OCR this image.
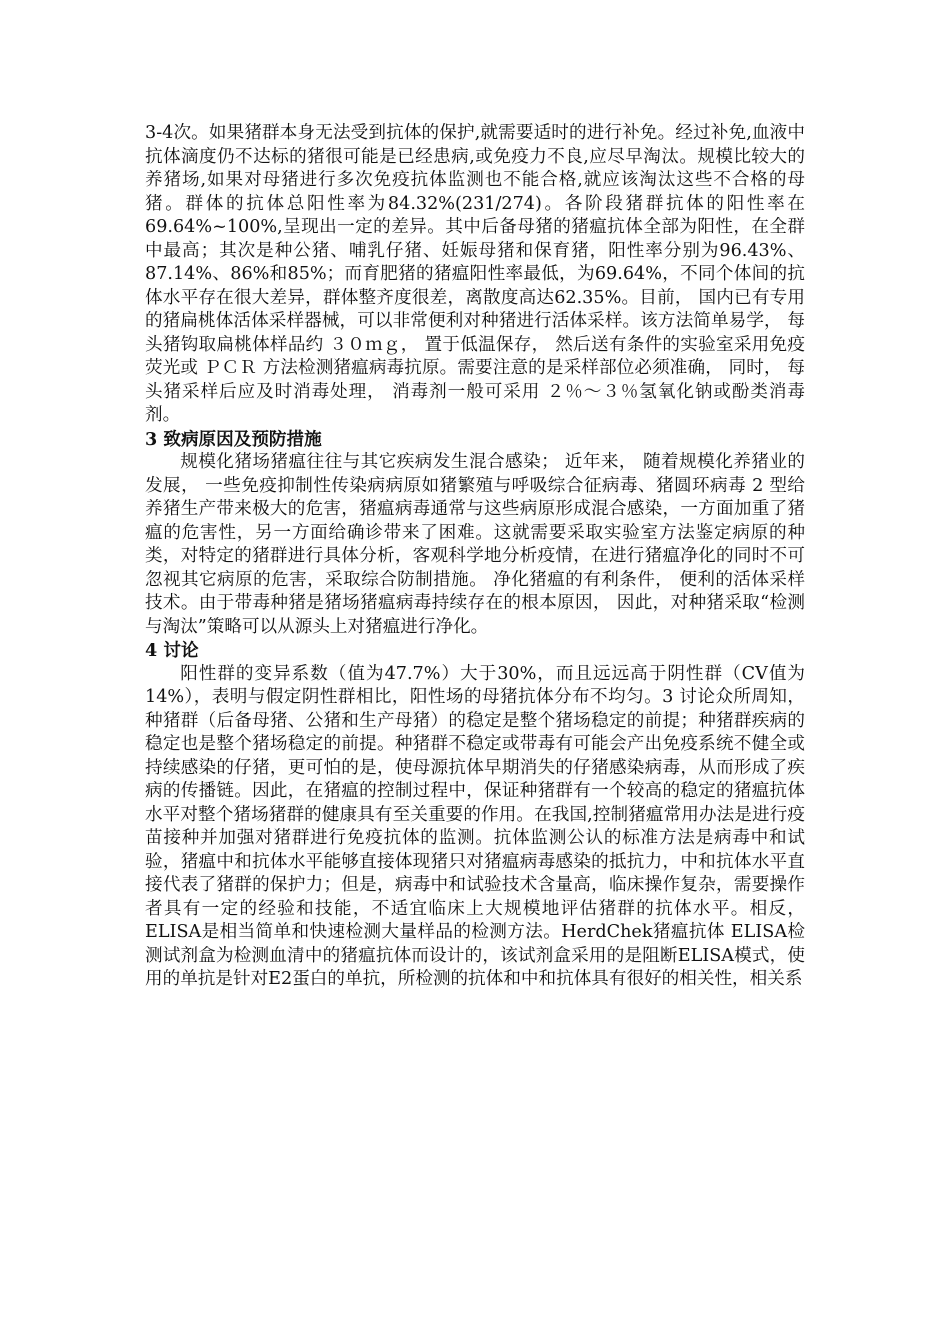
3-4次。如果猪群本身无法受到抗体的保护,就需要适时的进行补免。经过补免,血液中抗体滴度仍不达标的猪很可能是已经患病,或免疫力不良,应尽早淘汰。规模比较大的养猪场,如果对母猪进行多次免疫抗体监测也不能合格,就应该淘汰这些不合格的母猪。群体的抗体总阳性率为84.32%(231/274)。各阶段猪群抗体的阳性率在69.64%~100%,呈现出一定的差异。其中后备母猪的猪瘟抗体全部为阳性，在全群中最高；其次是种公猪、哺乳仔猪、妊娠母猪和保育猪，阳性率分别为96.43%、87.14%、86%和85%；而育肥猪的猪瘟阳性率最低，为69.64%，不同个体间的抗体水平存在很大差异，群体整齐度很差，离散度高达62.35%。目前， 国内已有专用的猪扁桃体活体采样器械，可以非常便利对种猪进行活体采样。该方法简单易学， 每头猪钩取扁桃体样品约 ３０ｍｇ， 置于低温保存， 然后送有条件的实验室采用免疫荧光或 ＰＣＲ 方法检测猪瘟病毒抗原。需要注意的是采样部位必须准确， 同时， 每头猪采样后应及时消毒处理， 消毒剂一般可采用 ２％～３％氢氧化钠或酚类消毒剂。

3 致病原因及预防措施

规模化猪场猪瘟往往与其它疾病发生混合感染； 近年来， 随着规模化养猪业的发展， 一些免疫抑制性传染病病原如猪繁殖与呼吸综合征病毒、猪圆环病毒 2 型给养猪生产带来极大的危害，猪瘟病毒通常与这些病原形成混合感染，一方面加重了猪瘟的危害性，另一方面给确诊带来了困难。这就需要采取实验室方法鉴定病原的种类，对特定的猪群进行具体分析，客观科学地分析疫情，在进行猪瘟净化的同时不可忽视其它病原的危害，采取综合防制措施。 净化猪瘟的有利条件， 便利的活体采样技术。由于带毒种猪是猪场猪瘟病毒持续存在的根本原因， 因此，对种猪采取“检测与淘汰”策略可以从源头上对猪瘟进行净化。

4 讨论

阳性群的变异系数（值为47.7%）大于30%，而且远远高于阴性群（CV值为14%），表明与假定阴性群相比，阳性场的母猪抗体分布不均匀。3 讨论众所周知，种猪群（后备母猪、公猪和生产母猪）的稳定是整个猪场稳定的前提；种猪群疾病的稳定也是整个猪场稳定的前提。种猪群不稳定或带毒有可能会产出免疫系统不健全或持续感染的仔猪，更可怕的是，使母源抗体早期消失的仔猪感染病毒，从而形成了疾病的传播链。因此，在猪瘟的控制过程中，保证种猪群有一个较高的稳定的猪瘟抗体水平对整个猪场猪群的健康具有至关重要的作用。在我国,控制猪瘟常用办法是进行疫苗接种并加强对猪群进行免疫抗体的监测。抗体监测公认的标准方法是病毒中和试验，猪瘟中和抗体水平能够直接体现猪只对猪瘟病毒感染的抵抗力，中和抗体水平直接代表了猪群的保护力；但是，病毒中和试验技术含量高，临床操作复杂，需要操作者具有一定的经验和技能，不适宜临床上大规模地评估猪群的抗体水平。相反，ELISA是相当简单和快速检测大量样品的检测方法。HerdChek猪瘟抗体 ELISA检测试剂盒为检测血清中的猪瘟抗体而设计的，该试剂盒采用的是阻断ELISA模式，使用的单抗是针对E2蛋白的单抗，所检测的抗体和中和抗体具有很好的相关性，相关系
